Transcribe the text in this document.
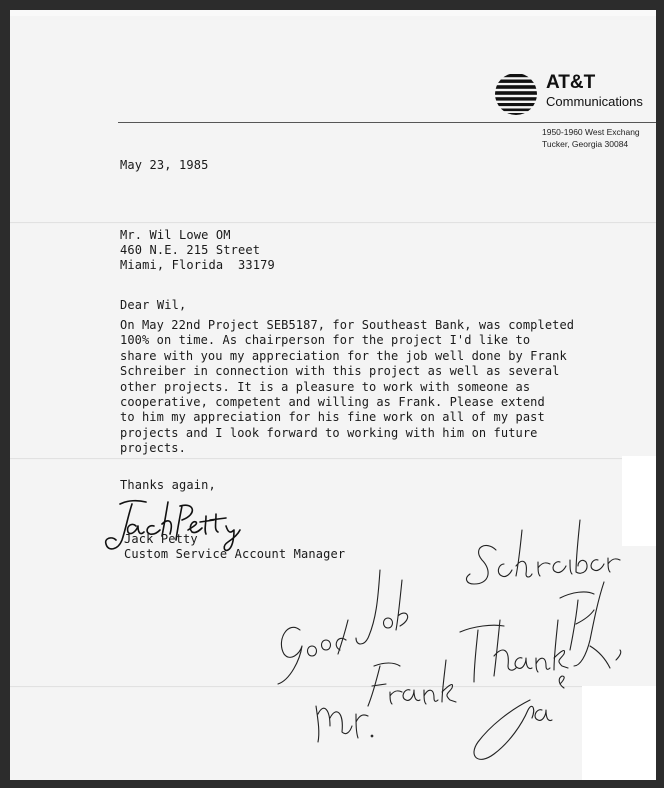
AT&T
Communications
1950-1960 West Exchang
Tucker, Georgia 30084
May 23, 1985
Mr. Wil Lowe OM
460 N.E. 215 Street
Miami, Florida  33179
Dear Wil,
On May 22nd Project SEB5187, for Southeast Bank, was completed
100% on time. As chairperson for the project I'd like to
share with you my appreciation for the job well done by Frank
Schreiber in connection with this project as well as several
other projects. It is a pleasure to work with someone as
cooperative, competent and willing as Frank. Please extend
to him my appreciation for his fine work on all of my past
projects and I look forward to working with him on future
projects.
Thanks again,
Jack Petty
Custom Service Account Manager
